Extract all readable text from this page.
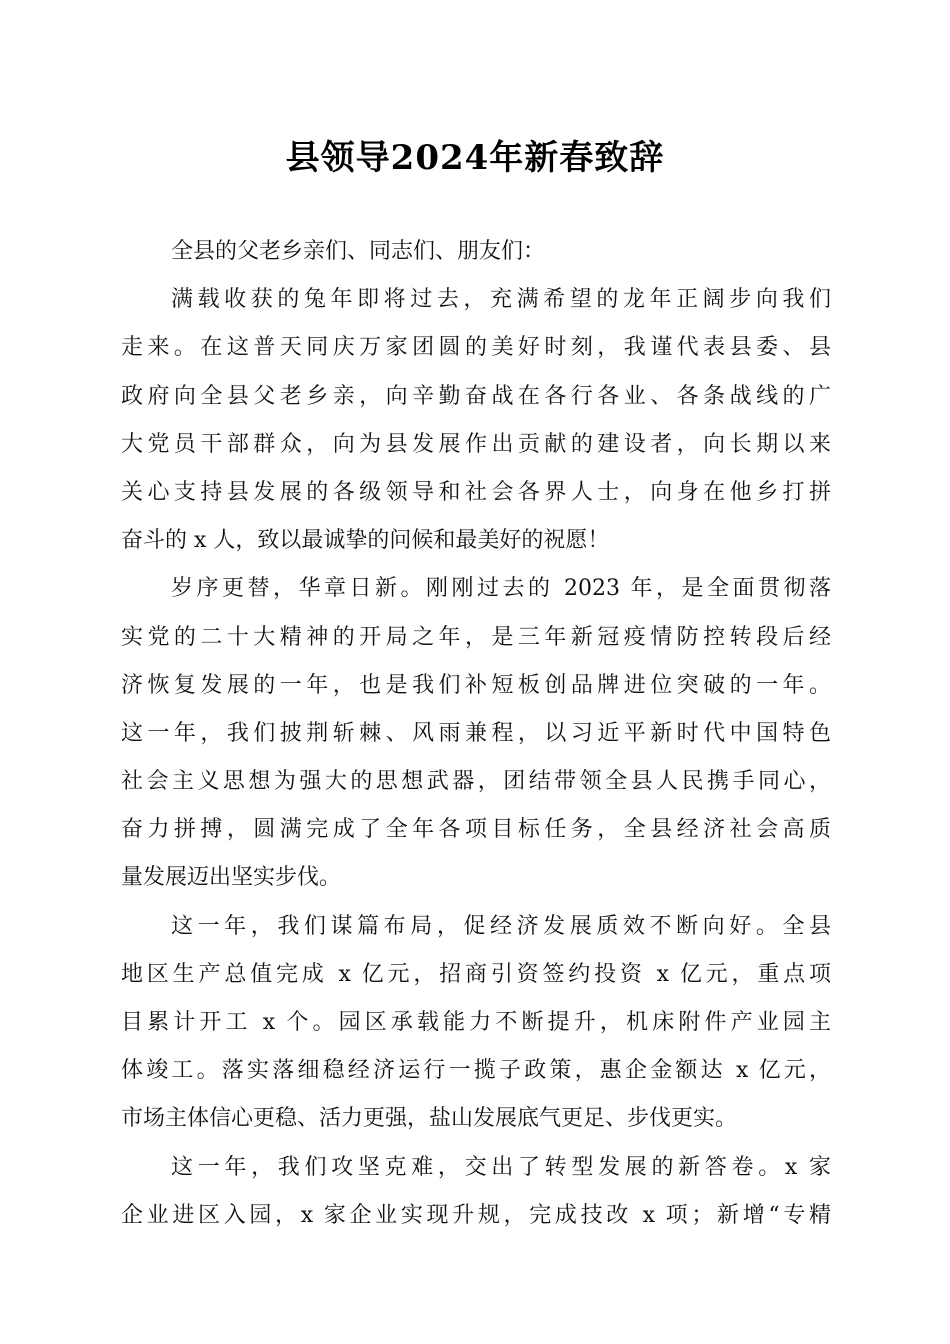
县领导2024年新春致辞
全县的父老乡亲们、同志们、朋友们：
满载收获的兔年即将过去，充满希望的龙年正阔步向我们
走来。在这普天同庆万家团圆的美好时刻，我谨代表县委、县
政府向全县父老乡亲，向辛勤奋战在各行各业、各条战线的广
大党员干部群众，向为县发展作出贡献的建设者，向长期以来
关心支持县发展的各级领导和社会各界人士，向身在他乡打拼
奋斗的 x 人，致以最诚挚的问候和最美好的祝愿！
岁序更替，华章日新。刚刚过去的 2023 年，是全面贯彻落
实党的二十大精神的开局之年，是三年新冠疫情防控转段后经
济恢复发展的一年，也是我们补短板创品牌进位突破的一年。
这一年，我们披荆斩棘、风雨兼程，以习近平新时代中国特色
社会主义思想为强大的思想武器，团结带领全县人民携手同心，
奋力拼搏，圆满完成了全年各项目标任务，全县经济社会高质
量发展迈出坚实步伐。
这一年，我们谋篇布局，促经济发展质效不断向好。全县
地区生产总值完成 x 亿元，招商引资签约投资 x 亿元，重点项
目累计开工 x 个。园区承载能力不断提升，机床附件产业园主
体竣工。落实落细稳经济运行一揽子政策，惠企金额达 x 亿元，
市场主体信心更稳、活力更强，盐山发展底气更足、步伐更实。
这一年，我们攻坚克难，交出了转型发展的新答卷。x 家
企业进区入园，x 家企业实现升规，完成技改 x 项；新增“专精
